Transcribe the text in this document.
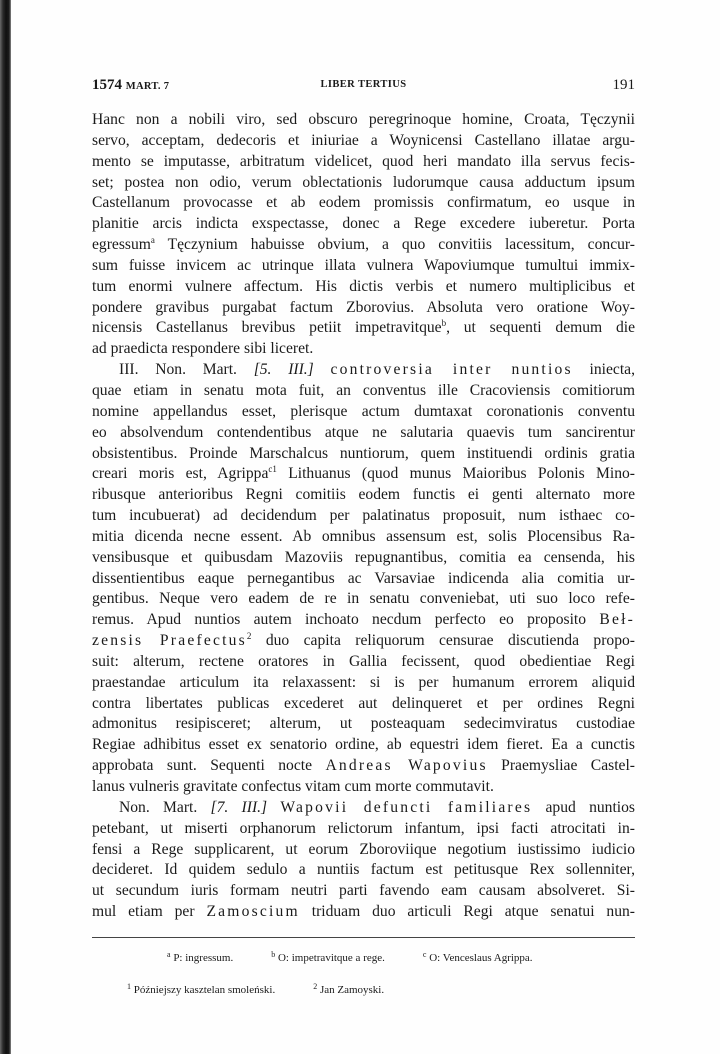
1574 MART. 7	LIBER TERTIUS	191
Hanc non a nobili viro, sed obscuro peregrinoque homine, Croata, Tęczynii
servo, acceptam, dedecoris et iniuriae a Woynicensi Castellano illatae argu-
mento se imputasse, arbitratum videlicet, quod heri mandato illa servus fecis-
set; postea non odio, verum oblectationis ludorumque causa adductum ipsum
Castellanum provocasse et ab eodem promissis confirmatum, eo usque in
planitie arcis indicta exspectasse, donec a Rege excedere iuberetur. Porta
egressum$^a$ Tęczynium habuisse obvium, a quo convitiis lacessitum, concur-
sum fuisse invicem ac utrinque illata vulnera Wapoviumque tumultui immix-
tum enormi vulnere affectum. His dictis verbis et numero multiplicibus et
pondere gravibus purgabat factum Zborovius. Absoluta vero oratione Woy-
nicensis Castellanus brevibus petiit impetravitque$^b$, ut sequenti demum die
ad praedicta respondere sibi liceret.
III. Non. Mart. [5. III.] controversia inter nuntios iniecta,
quae etiam in senatu mota fuit, an conventus ille Cracoviensis comitiorum
nomine appellandus esset, plerisque actum dumtaxat coronationis conventu
eo absolvendum contendentibus atque ne salutaria quaevis tum sancirentur
obsistentibus. Proinde Marschalcus nuntiorum, quem instituendi ordinis gratia
creari moris est, Agrippa$^{c1}$ Lithuanus (quod munus Maioribus Polonis Mino-
ribusque anterioribus Regni comitiis eodem functis ei genti alternato more
tum incubuerat) ad decidendum per palatinatus proposuit, num isthaec co-
mitia dicenda necne essent. Ab omnibus assensum est, solis Plocensibus Ra-
vensibusque et quibusdam Mazoviis repugnantibus, comitia ea censenda, his
dissentientibus eaque pernegantibus ac Varsaviae indicenda alia comitia ur-
gentibus. Neque vero eadem de re in senatu conveniebat, uti suo loco refe-
remus. Apud nuntios autem inchoato necdum perfecto eo proposito Beł-
zensis Praefectus$^2$ duo capita reliquorum censurae discutienda propo-
suit: alterum, rectene oratores in Gallia fecissent, quod obedientiae Regi
praestandae articulum ita relaxassent: si is per humanum errorem aliquid
contra libertates publicas excederet aut delinqueret et per ordines Regni
admonitus resipisceret; alterum, ut posteaquam sedecimviratus custodiae
Regiae adhibitus esset ex senatorio ordine, ab equestri idem fieret. Ea a cunctis
approbata sunt. Sequenti nocte Andreas Wapovius Praemysliae Castel-
lanus vulneris gravitate confectus vitam cum morte commutavit.
Non. Mart. [7. III.] Wapovii defuncti familiares apud nuntios
petebant, ut miserti orphanorum relictorum infantum, ipsi facti atrocitati in-
fensi a Rege supplicarent, ut eorum Zboroviique negotium iustissimo iudicio
decideret. Id quidem sedulo a nuntiis factum est petitusque Rex sollenniter,
ut secundum iuris formam neutri parti favendo eam causam absolveret. Si-
mul etiam per Zamoscium triduam duo articuli Regi atque senatui nun-
$^a$ P: ingressum.	$^b$ O: impetravitque a rege.	$^c$ O: Venceslaus Agrippa.
$^1$ Późniejszy kasztelan smoleński.	$^2$ Jan Zamoyski.
